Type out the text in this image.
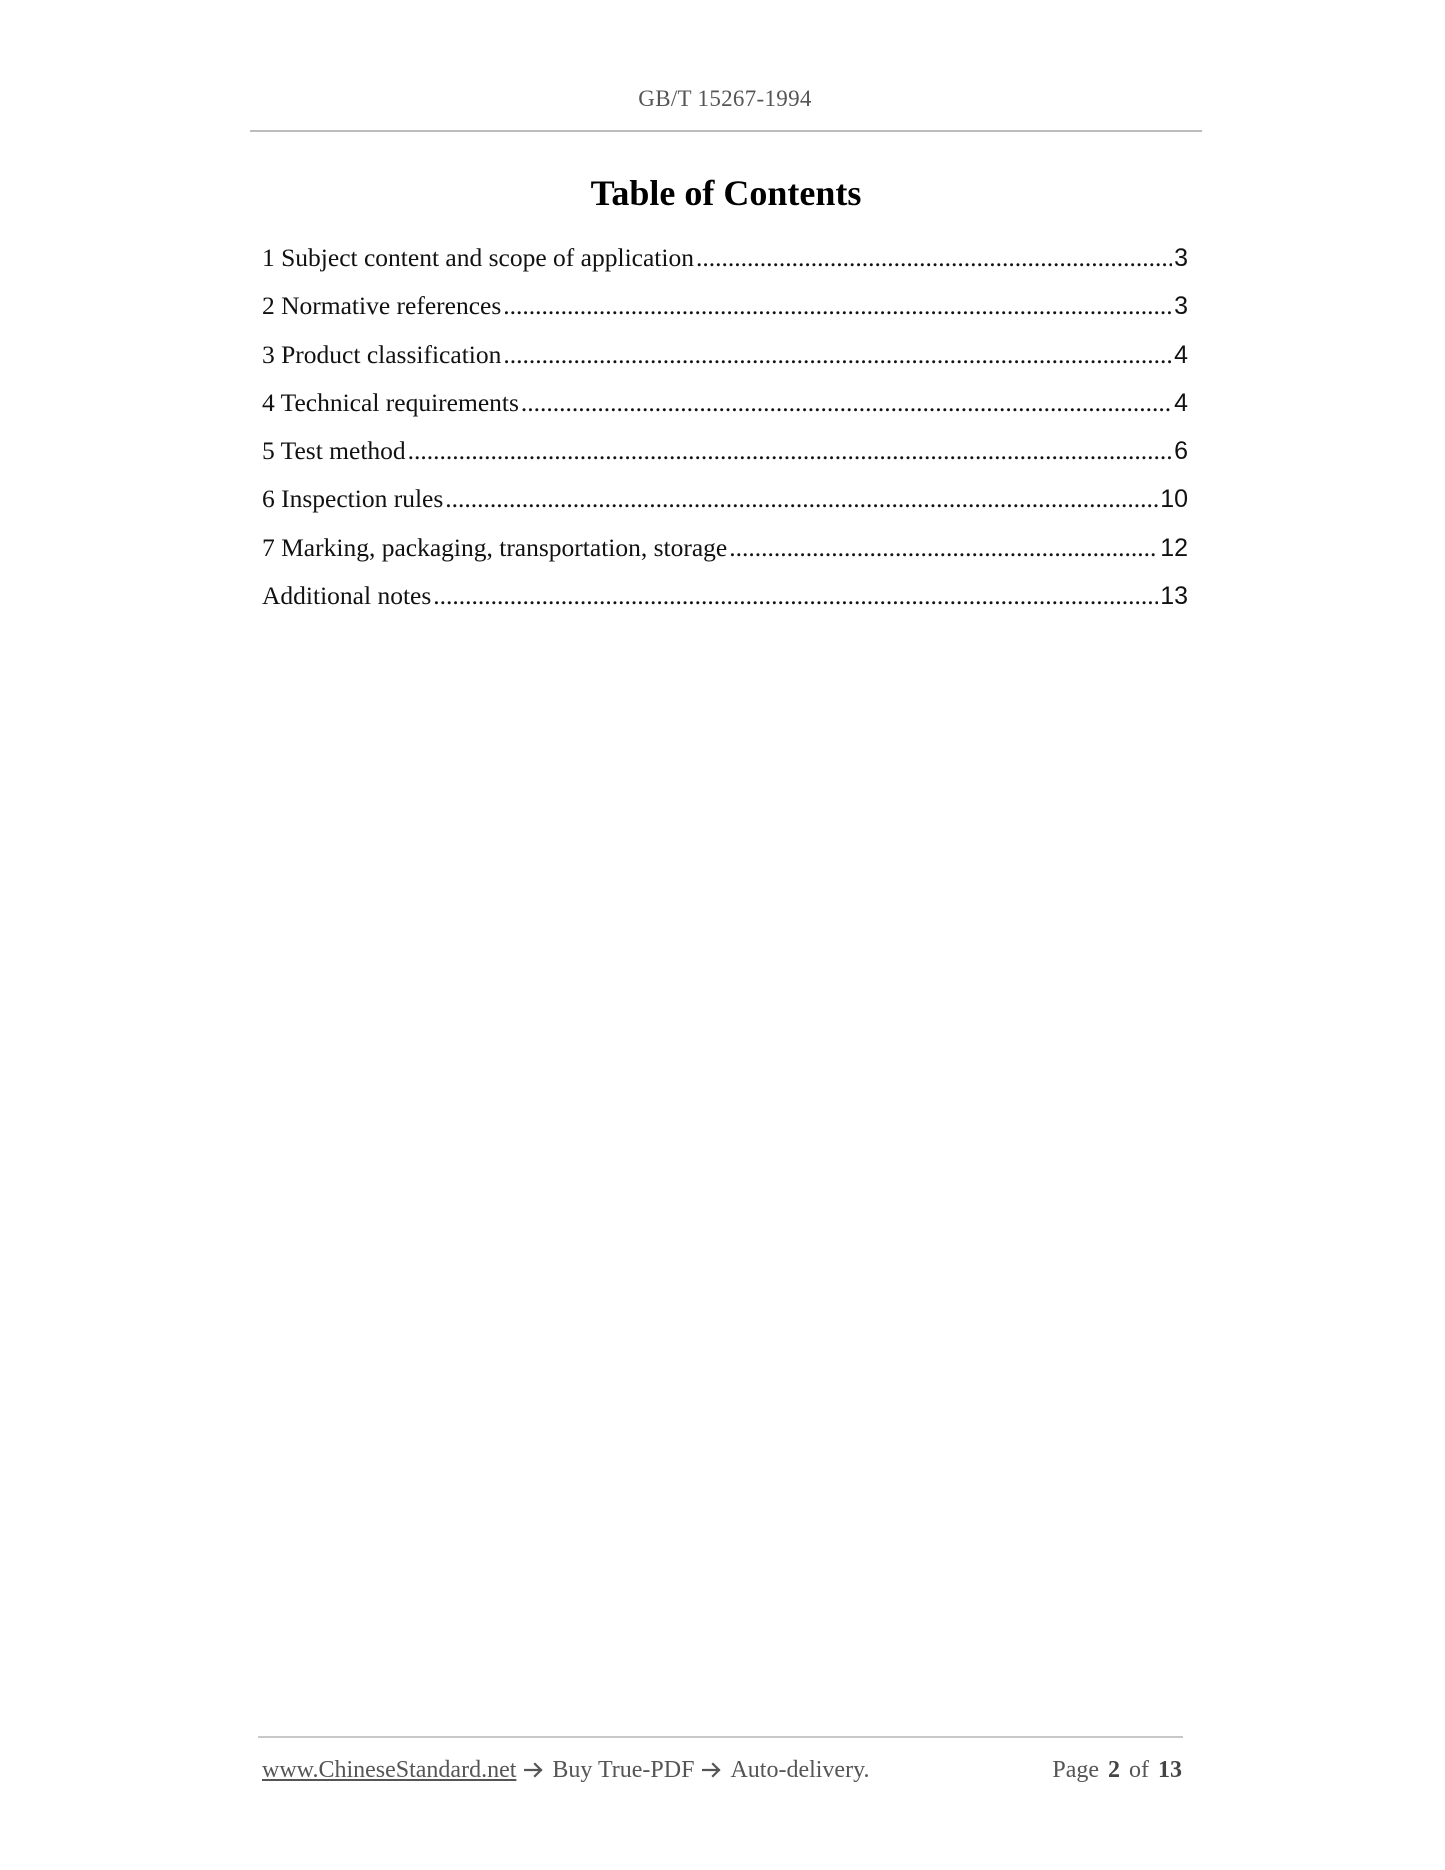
GB/T 15267-1994
Table of Contents
1 Subject content and scope of application .....	3
2 Normative references .....	3
3 Product classification .....	4
4 Technical requirements .....	4
5 Test method .....	6
6 Inspection rules .....	10
7 Marking, packaging, transportation, storage .....	12
Additional notes .....	13
www.ChineseStandard.net Buy True-PDF Auto-delivery.	Page 2 of 13
